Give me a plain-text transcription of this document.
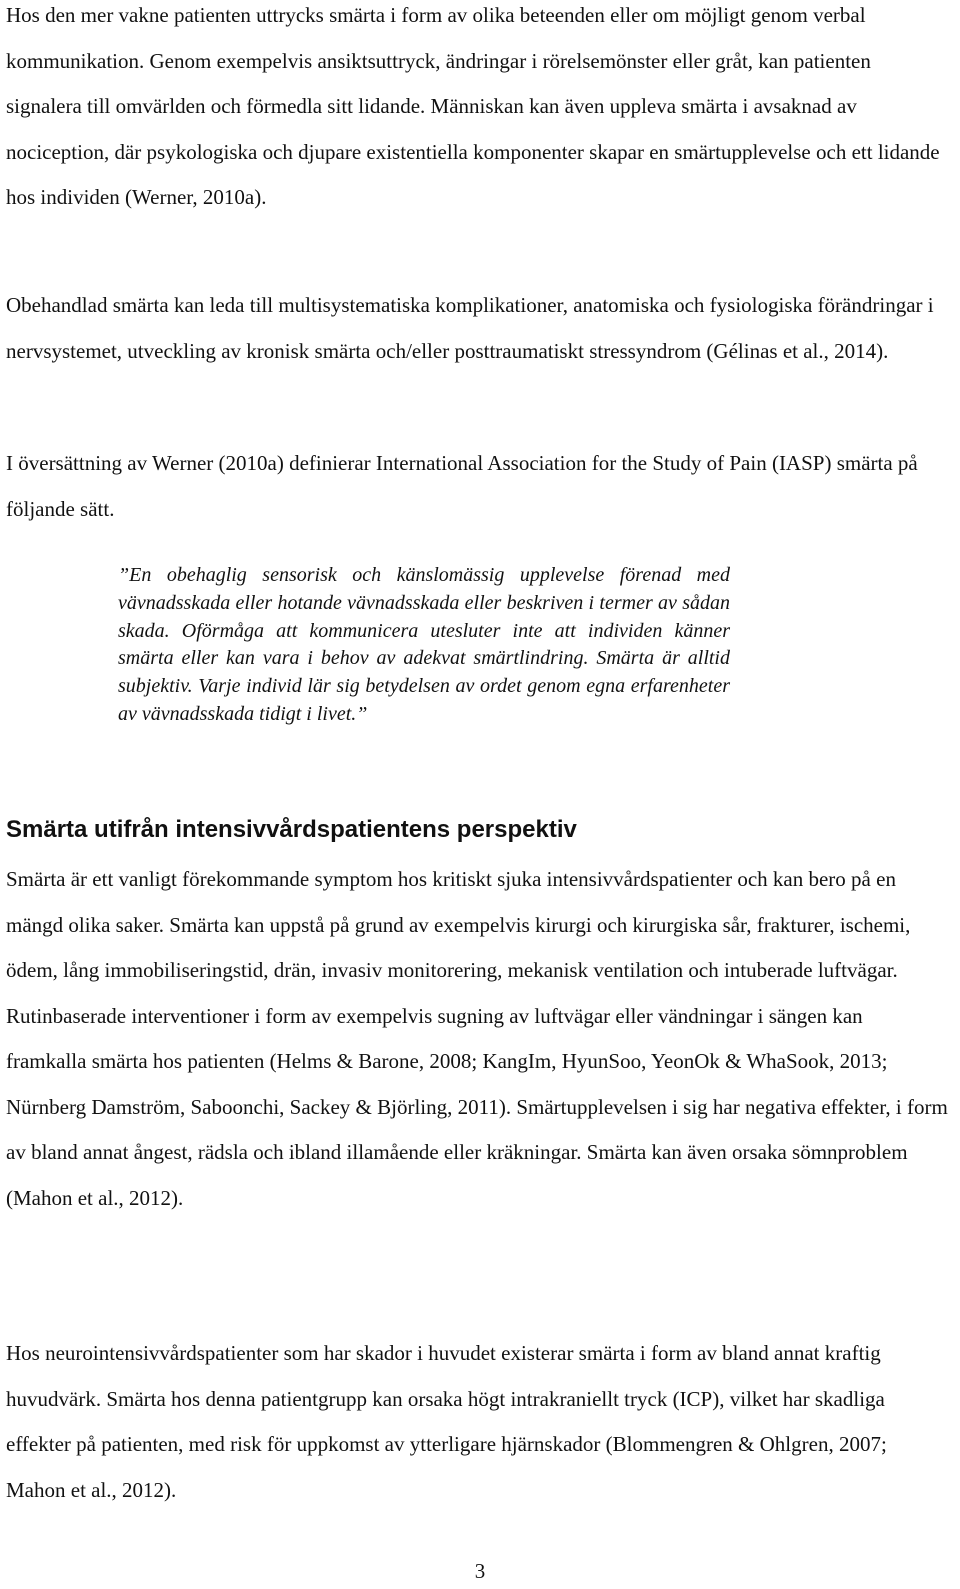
Hos den mer vakne patienten uttrycks smärta i form av olika beteenden eller om möjligt genom verbal kommunikation. Genom exempelvis ansiktsuttryck, ändringar i rörelsemönster eller gråt, kan patienten signalera till omvärlden och förmedla sitt lidande. Människan kan även uppleva smärta i avsaknad av nociception, där psykologiska och djupare existentiella komponenter skapar en smärtupplevelse och ett lidande hos individen (Werner, 2010a).

Obehandlad smärta kan leda till multisystematiska komplikationer, anatomiska och fysiologiska förändringar i nervsystemet, utveckling av kronisk smärta och/eller posttraumatiskt stressyndrom (Gélinas et al., 2014).

I översättning av Werner (2010a) definierar International Association for the Study of Pain (IASP) smärta på följande sätt.

”En obehaglig sensorisk och känslomässig upplevelse förenad med vävnadsskada eller hotande vävnadsskada eller beskriven i termer av sådan skada. Oförmåga att kommunicera utesluter inte att individen känner smärta eller kan vara i behov av adekvat smärtlindring. Smärta är alltid subjektiv. Varje individ lär sig betydelsen av ordet genom egna erfarenheter av vävnadsskada tidigt i livet.”

Smärta utifrån intensivvårdspatientens perspektiv

Smärta är ett vanligt förekommande symptom hos kritiskt sjuka intensivvårdspatienter och kan bero på en mängd olika saker. Smärta kan uppstå på grund av exempelvis kirurgi och kirurgiska sår, frakturer, ischemi, ödem, lång immobiliseringstid, drän, invasiv monitorering, mekanisk ventilation och intuberade luftvägar. Rutinbaserade interventioner i form av exempelvis sugning av luftvägar eller vändningar i sängen kan framkalla smärta hos patienten (Helms & Barone, 2008; KangIm, HyunSoo, YeonOk & WhaSook, 2013; Nürnberg Damström, Saboonchi, Sackey & Björling, 2011). Smärtupplevelsen i sig har negativa effekter, i form av bland annat ångest, rädsla och ibland illamående eller kräkningar. Smärta kan även orsaka sömnproblem (Mahon et al., 2012).

Hos neurointensivvårdspatienter som har skador i huvudet existerar smärta i form av bland annat kraftig huvudvärk. Smärta hos denna patientgrupp kan orsaka högt intrakraniellt tryck (ICP), vilket har skadliga effekter på patienten, med risk för uppkomst av ytterligare hjärnskador (Blommengren & Ohlgren, 2007; Mahon et al., 2012).

3
